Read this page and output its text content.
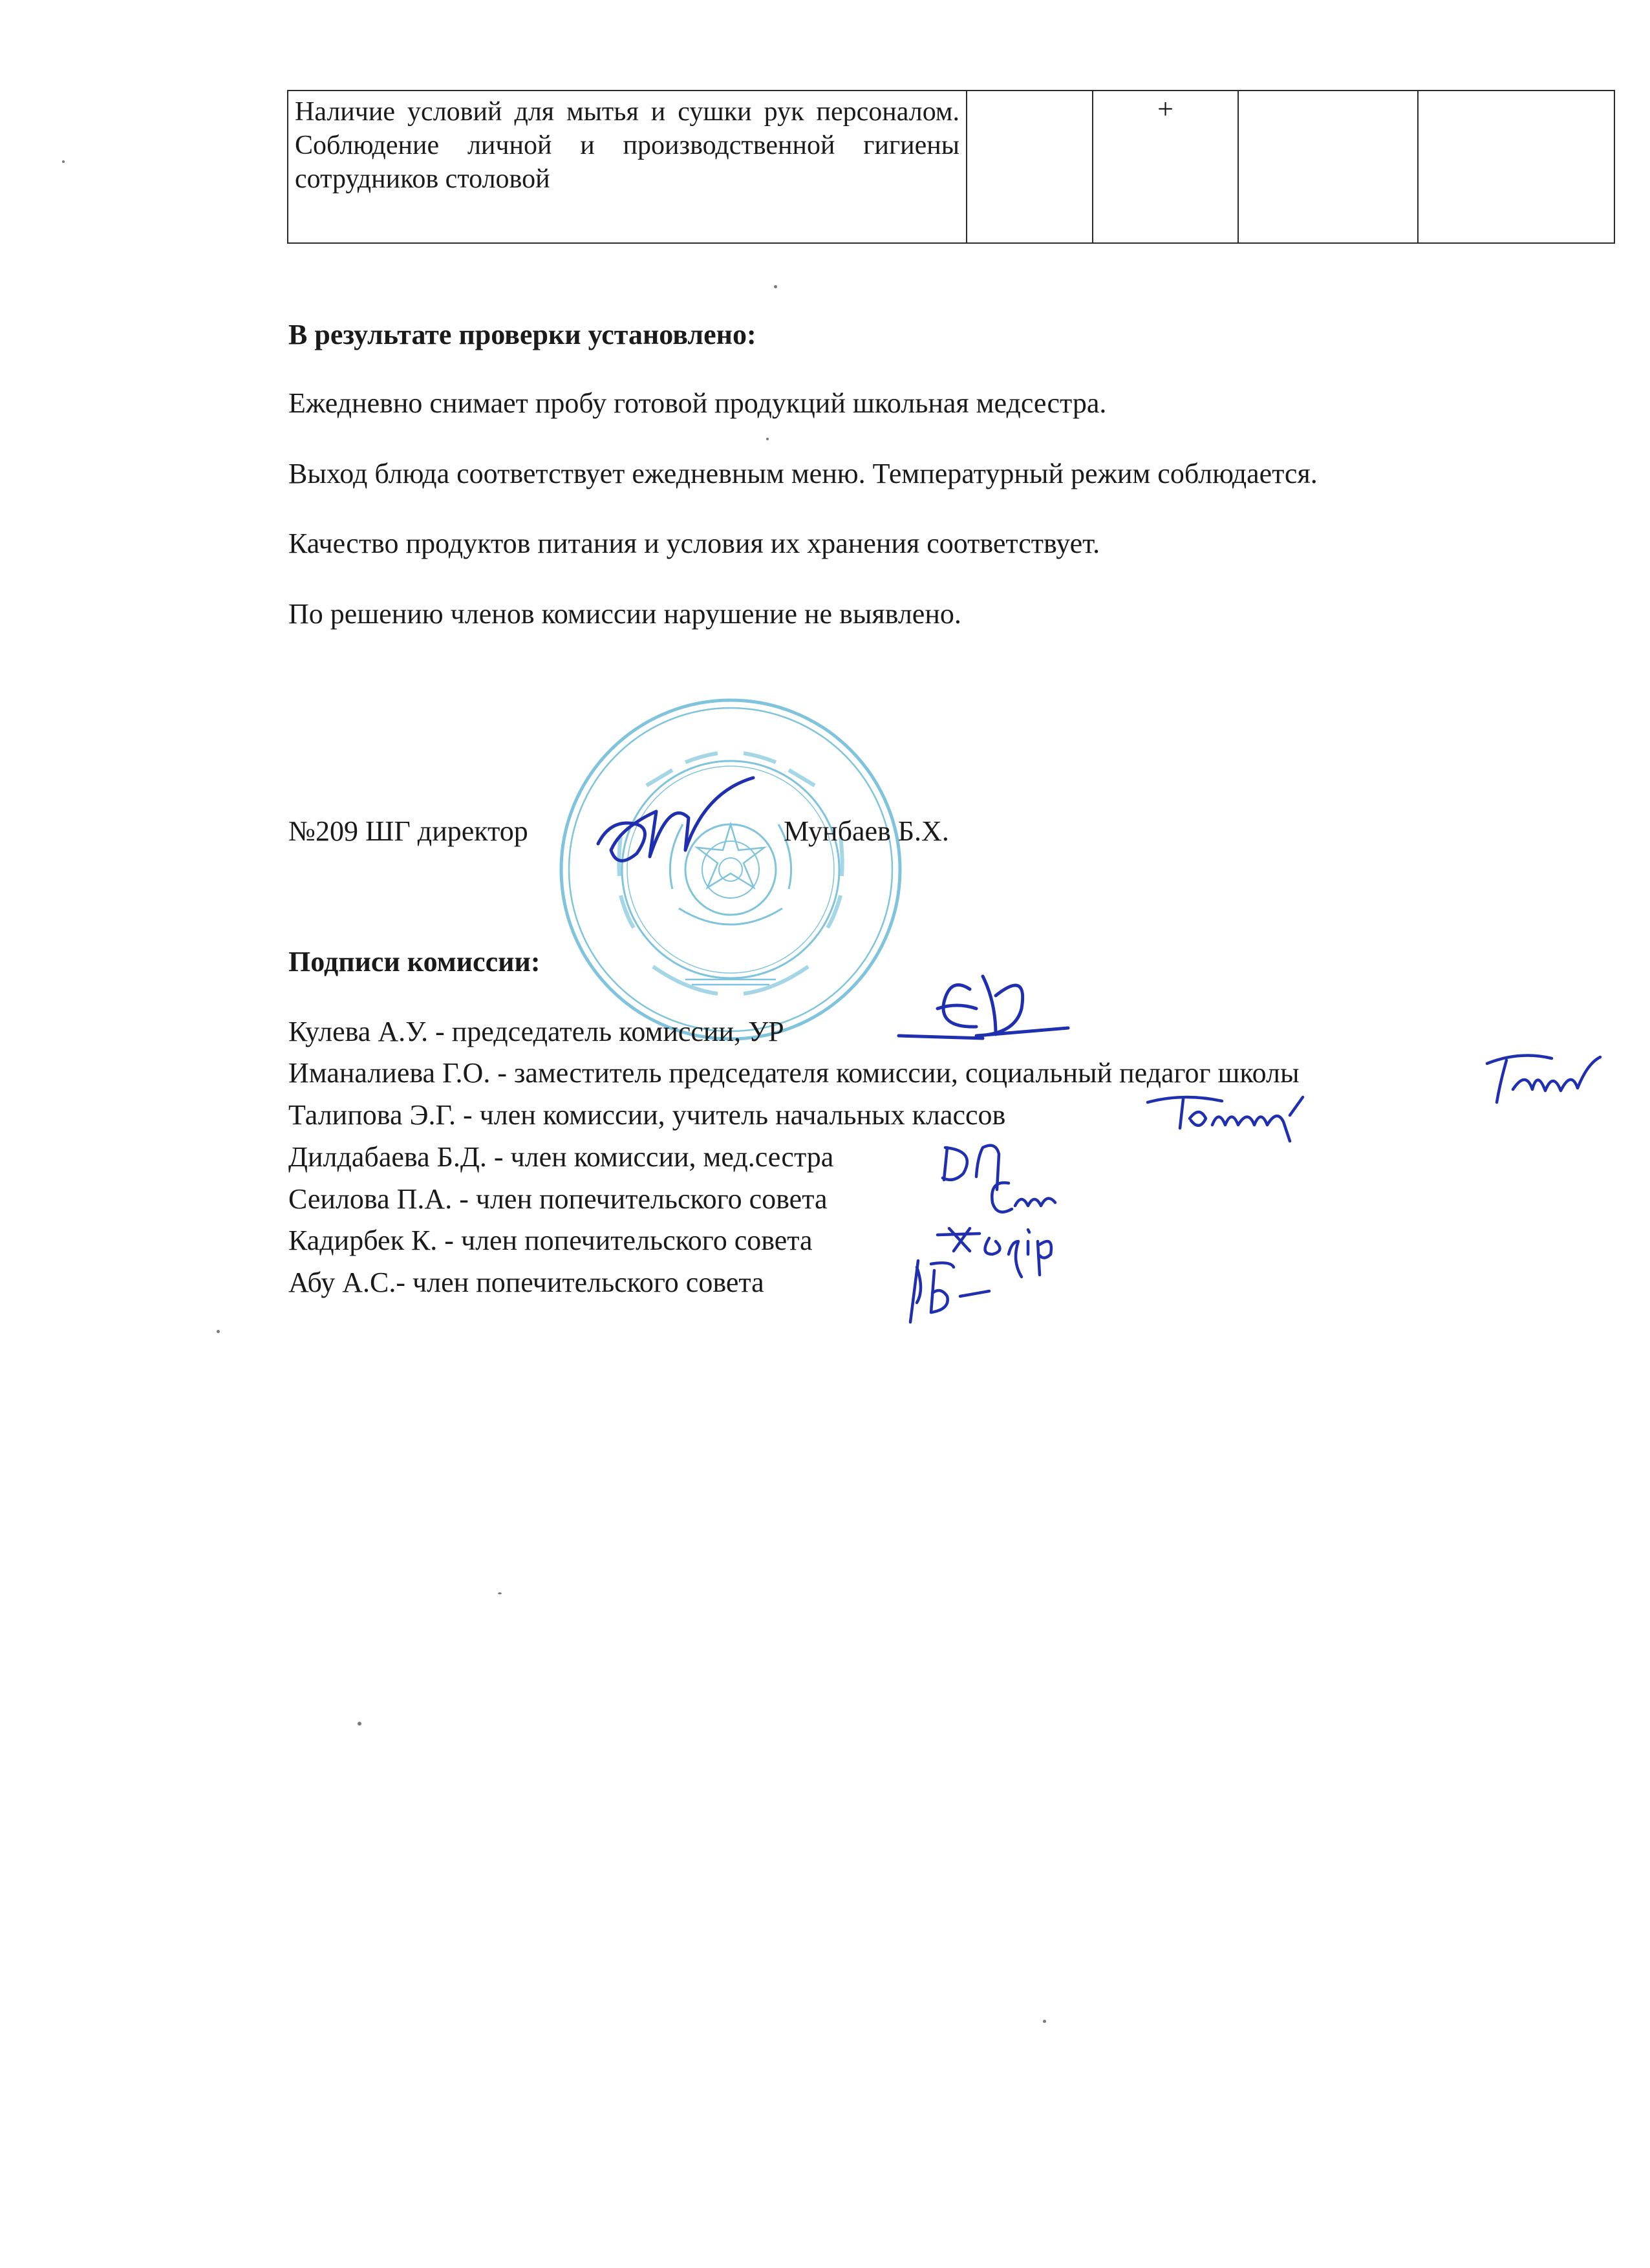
Наличие условий для мытья и сушки рук персоналом. Соблюдение личной и производственной гигиены сотрудников столовой		+		
В результате проверки установлено:
Ежедневно снимает пробу готовой продукций школьная медсестра.
Выход блюда соответствует ежедневным меню. Температурный режим соблюдается.
Качество продуктов питания и условия их хранения соответствует.
По решению членов комиссии нарушение не выявлено.
№209 ШГ директор	Мунбаев Б.Х.
Подписи комиссии:
Кулева А.У. - председатель комиссии, УР
Иманалиева Г.О. - заместитель председателя комиссии, социальный педагог школы
Талипова Э.Г. - член комиссии, учитель начальных классов
Дилдабаева Б.Д. - член комиссии, мед.сестра
Сеилова П.А. - член попечительского совета
Кадирбек К. - член попечительского совета
Абу А.С.- член попечительского совета
